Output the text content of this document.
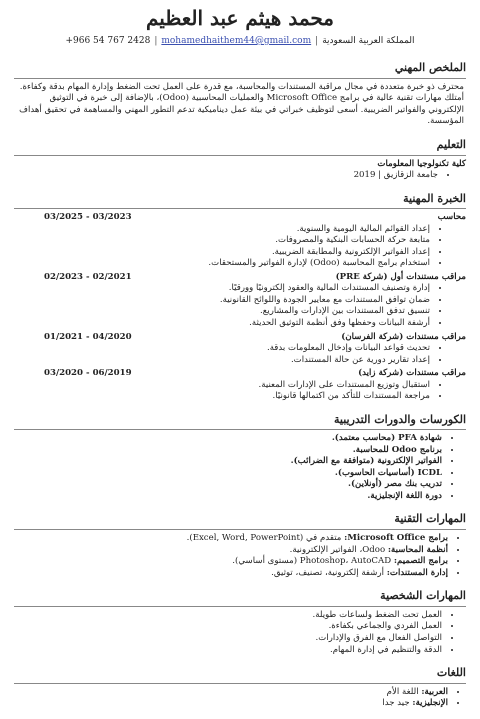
محمد هيثم عبد العظيم
المملكة العربية السعودية|mohamedhaithem44@gmail.com|+966 54 767 2428
الملخص المهني

محترف ذو خبرة متعددة في مجال مراقبة المستندات والمحاسبة، مع قدرة على العمل تحت الضغط وإدارة المهام بدقة وكفاءة. أمتلك مهارات تقنية عالية في برامج Microsoft Office والعمليات المحاسبية (Odoo)، بالإضافة إلى خبرة في التوثيق الإلكتروني والفواتير الضريبية. أسعى لتوظيف خبراتي في بيئة عمل ديناميكية تدعم التطور المهني والمساهمة في تحقيق أهداف المؤسسة.

التعليم
كلية تكنولوجيا المعلومات
• جامعة الزقازيق | 2019
الخبرة المهنية
محاسب
03/2025 - 03/2023
• إعداد القوائم المالية اليومية والسنوية.
• متابعة حركة الحسابات البنكية والمصروفات.
• إعداد الفواتير الإلكترونية والمطابقة الضريبية.
• استخدام برامج المحاسبة (Odoo) لإدارة الفواتير والمستحقات.
مراقب مستندات أول (شركة PRE)
02/2023 - 02/2021
• إدارة وتصنيف المستندات المالية والعقود إلكترونيًا وورقيًا.
• ضمان توافق المستندات مع معايير الجودة واللوائح القانونية.
• تنسيق تدفق المستندات بين الإدارات والمشاريع.
• أرشفة البيانات وحفظها وفق أنظمة التوثيق الحديثة.
مراقب مستندات (شركة الفرسان)
01/2021 - 04/2020
• تحديث قواعد البيانات وإدخال المعلومات بدقة.
• إعداد تقارير دورية عن حالة المستندات.
مراقب مستندات (شركة زايد)
03/2020 - 06/2019
• استقبال وتوزيع المستندات على الإدارات المعنية.
• مراجعة المستندات للتأكد من اكتمالها قانونيًا.
الكورسات والدورات التدريبية
• شهادة PFA (محاسب معتمد).
• برنامج Odoo للمحاسبة.
• الفواتير الإلكترونية (متوافقة مع الضرائب).
• ICDL (أساسيات الحاسوب).
• تدريب بنك مصر (أونلاين).
• دورة اللغة الإنجليزية.
المهارات التقنية
• برامج Microsoft Office: متقدم في (Excel, Word, PowerPoint).
• أنظمة المحاسبة: Odoo، الفواتير الإلكترونية.
• برامج التصميم: Photoshop، AutoCAD (مستوى أساسي).
• إدارة المستندات: أرشفة إلكترونية، تصنيف، توثيق.
المهارات الشخصية
• العمل تحت الضغط ولساعات طويلة.
• العمل الفردي والجماعي بكفاءة.
• التواصل الفعال مع الفرق والإدارات.
• الدقة والتنظيم في إدارة المهام.
اللغات
• العربية: اللغة الأم
• الإنجليزية: جيد جدا
